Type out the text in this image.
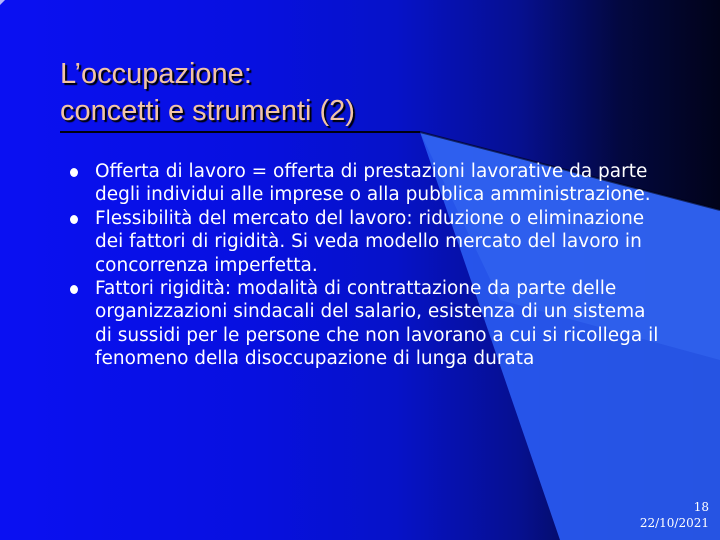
L’occupazione:
concetti e strumenti (2)
Offerta di lavoro = offerta di prestazioni lavorative da parte degli individui alle imprese o alla pubblica amministrazione.
Flessibilità del mercato del lavoro: riduzione o eliminazione dei fattori di rigidità. Si veda modello mercato del lavoro in concorrenza imperfetta.
Fattori rigidità: modalità di contrattazione da parte delle organizzazioni sindacali del salario, esistenza di un sistema di sussidi per le persone che non lavorano a cui si ricollega il fenomeno della disoccupazione di lunga durata
18
22/10/2021
